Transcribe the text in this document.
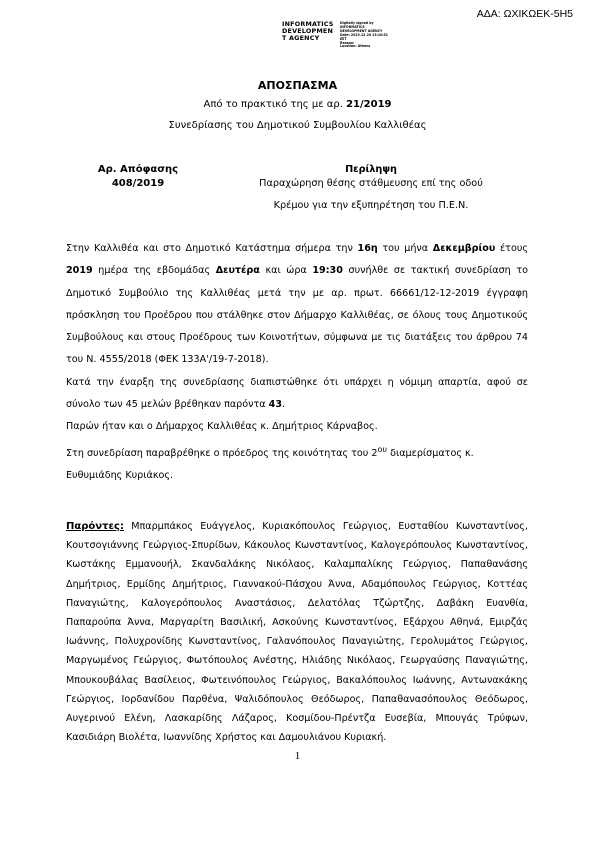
ΑΔΑ: ΩΧΙΚΩΕΚ-5Η5
INFORMATICS
DEVELOPMEN
T AGENCY
Digitally signed by
INFORMATICS
DEVELOPMENT AGENCY
Date: 2019.12.20 13:10:51
EET
Reason:
Location: Athens
ΑΠΟΣΠΑΣΜΑ
Από το πρακτικό της με αρ. 21/2019
Συνεδρίασης του Δημοτικού Συμβουλίου Καλλιθέας
Αρ. Απόφασης
408/2019
Περίληψη
Παραχώρηση θέσης στάθμευσης επί της οδού
Κρέμου για την εξυπηρέτηση του Π.Ε.Ν.

Στην Καλλιθέα και στο Δημοτικό Κατάστημα σήμερα την 16η του μήνα Δεκεμβρίου έτους 2019 ημέρα της εβδομάδας Δευτέρα και ώρα 19:30 συνήλθε σε τακτική συνεδρίαση το Δημοτικό Συμβούλιο της Καλλιθέας μετά την με αρ. πρωτ. 66661/12-12-2019 έγγραφη πρόσκληση του Προέδρου που στάλθηκε στον Δήμαρχο Καλλιθέας, σε όλους τους Δημοτικούς Συμβούλους και στους Προέδρους των Κοινοτήτων, σύμφωνα με τις διατάξεις του άρθρου 74 του Ν. 4555/2018 (ΦΕΚ 133Α'/19-7-2018).

Κατά την έναρξη της συνεδρίασης διαπιστώθηκε ότι υπάρχει η νόμιμη απαρτία, αφού σε σύνολο των 45 μελών βρέθηκαν παρόντα 43.

Παρών ήταν και ο Δήμαρχος Καλλιθέας κ. Δημήτριος Κάρναβος.

Στη συνεδρίαση παραβρέθηκε ο πρόεδρος της κοινότητας του $2^{o\upsilon}$ διαμερίσματος κ. Ευθυμιάδης Κυριάκος.

Παρόντες: Μπαρμπάκος Ευάγγελος, Κυριακόπουλος Γεώργιος, Ευσταθίου Κωνσταντίνος, Κουτσογιάννης Γεώργιος-Σπυρίδων, Κάκουλος Κωνσταντίνος, Καλογερόπουλος Κωνσταντίνος, Κωστάκης Εμμανουήλ, Σκανδαλάκης Νικόλαος, Καλαμπαλίκης Γεώργιος, Παπαθανάσης Δημήτριος, Ερμίδης Δημήτριος, Γιαννακού-Πάσχου Άννα, Αδαμόπουλος Γεώργιος, Κοττέας Παναγιώτης, Καλογερόπουλος Αναστάσιος, Δελατόλας Τζώρτζης, Δαβάκη Ευανθία, Παπαρούπα Άννα, Μαργαρίτη Βασιλική, Ασκούνης Κωνσταντίνος, Εξάρχου Αθηνά, Εμιρζάς Ιωάννης, Πολυχρονίδης Κωνσταντίνος, Γαλανόπουλος Παναγιώτης, Γερολυμάτος Γεώργιος, Μαργωμένος Γεώργιος, Φωτόπουλος Ανέστης, Ηλιάδης Νικόλαος, Γεωργαύσης Παναγιώτης, Μπουκουβάλας Βασίλειος, Φωτεινόπουλος Γεώργιος, Βακαλόπουλος Ιωάννης, Αντωνακάκης Γεώργιος, Ιορδανίδου Παρθένα, Ψαλιδόπουλος Θεόδωρος, Παπαθανασόπουλος Θεόδωρος, Αυγερινού Ελένη, Λασκαρίδης Λάζαρος, Κοσμίδου-Πρέντζα Ευσεβία, Μπουγάς Τρύφων, Κασιδιάρη Βιολέτα, Ιωαννίδης Χρήστος και Δαμουλιάνου Κυριακή.
1
